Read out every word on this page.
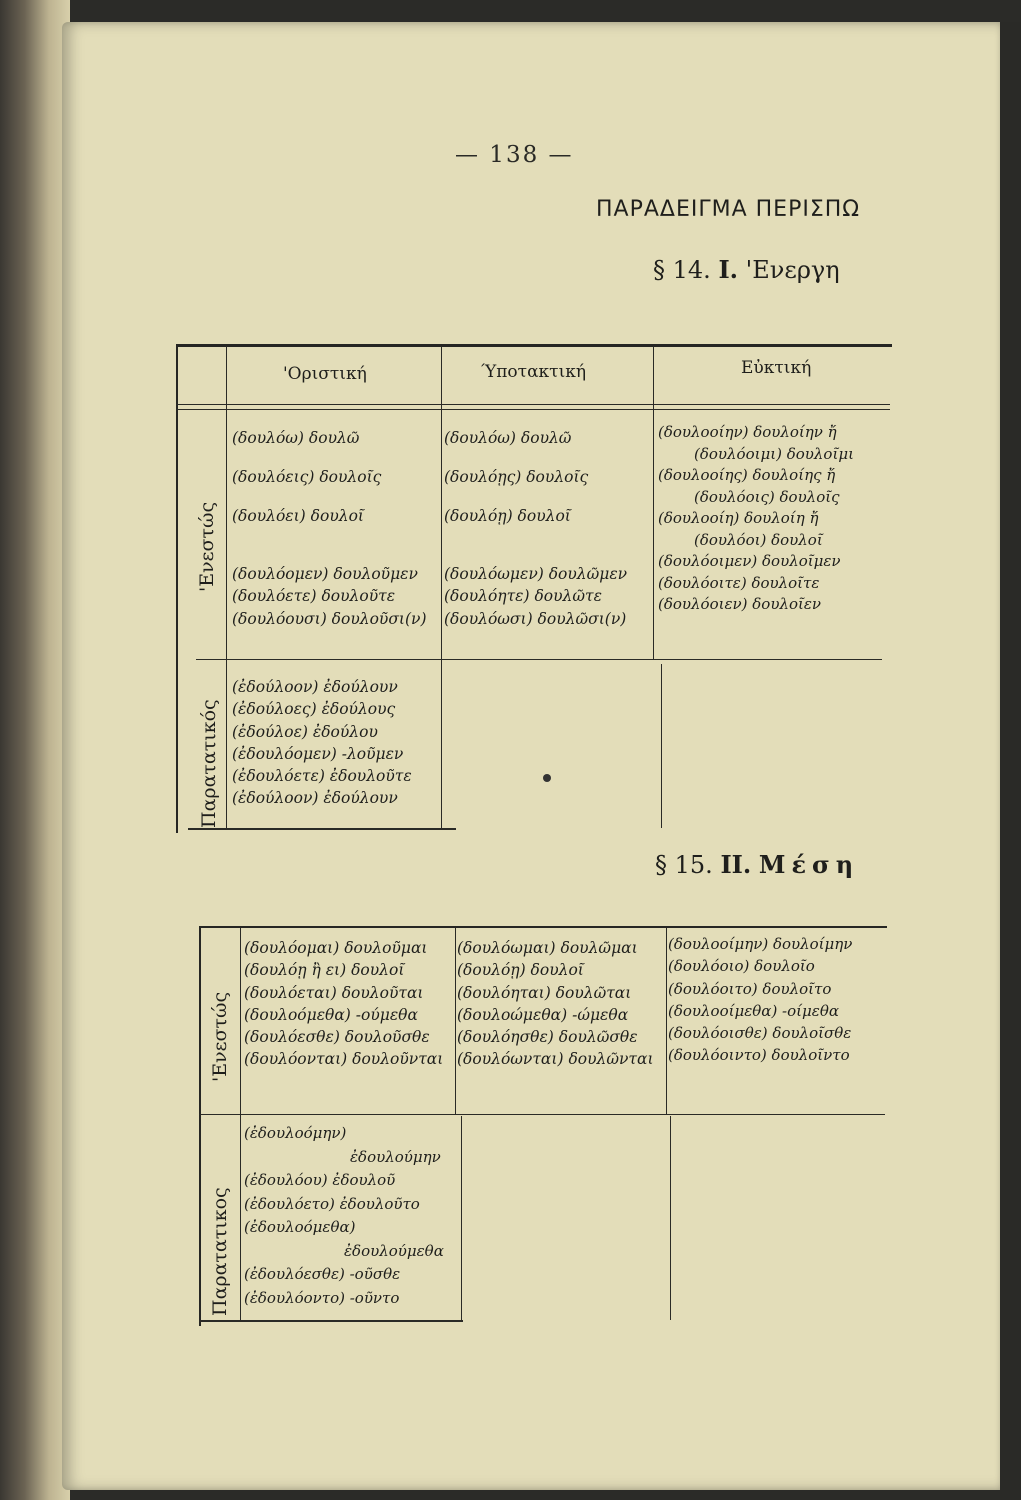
— 138 —
ΠΑΡΑΔΕΙΓΜΑ ΠΕΡΙΣΠΩ
§ 14. Ι. 'Ενεργη
'Οριστική	Ύποτακτική	Εὐκτική
'Ενεστώς
Παρατατικός
(δουλόω) δουλῶ
(δουλόεις) δουλοῖς
(δουλόει) δουλοῖ
(δουλόομεν) δουλοῦμεν
(δουλόετε) δουλοῦτε
(δουλόουσι) δουλοῦσι(ν)
(δουλόω) δουλῶ
(δουλόῃς) δουλοῖς
(δουλόῃ) δουλοῖ
(δουλόωμεν) δουλῶμεν
(δουλόητε) δουλῶτε
(δουλόωσι) δουλῶσι(ν)
(δουλοοίην) δουλοίην ἤ
(δουλόοιμι) δουλοῖμι
(δουλοοίης) δουλοίης ἤ
(δουλόοις) δουλοῖς
(δουλοοίη) δουλοίη ἤ
(δουλόοι) δουλοῖ
(δουλόοιμεν) δουλοῖμεν
(δουλόοιτε) δουλοῖτε
(δουλόοιεν) δουλοῖεν
(ἐδούλοον) ἐδούλουν
(ἐδούλοες) ἐδούλους
(ἐδούλοε) ἐδούλου
(ἐδουλόομεν) -λοῦμεν
(ἐδουλόετε) ἐδουλοῦτε
(ἐδούλοον) ἐδούλουν
§ 15. ΙΙ. Μέση
'Ενεστώς
Παρατατικος
(δουλόομαι) δουλοῦμαι
(δουλόῃ ἢ ει) δουλοῖ
(δουλόεται) δουλοῦται
(δουλοόμεθα) -ούμεθα
(δουλόεσθε) δουλοῦσθε
(δουλόονται) δουλοῦνται
(δουλόωμαι) δουλῶμαι
(δουλόῃ) δουλοῖ
(δουλόηται) δουλῶται
(δουλοώμεθα) -ώμεθα
(δουλόησθε) δουλῶσθε
(δουλόωνται) δουλῶνται
(δουλοοίμην) δουλοίμην
(δουλόοιο) δουλοῖο
(δουλόοιτο) δουλοῖτο
(δουλοοίμεθα) -οίμεθα
(δουλόοισθε) δουλοῖσθε
(δουλόοιντο) δουλοῖντο
(ἐδουλοόμην)
ἐδουλούμην
(ἐδουλόου) ἐδουλοῦ
(ἐδουλόετο) ἐδουλοῦτο
(ἐδουλοόμεθα)
ἐδουλούμεθα
(ἐδουλόεσθε) -οῦσθε
(ἐδουλόοντο) -οῦντο
